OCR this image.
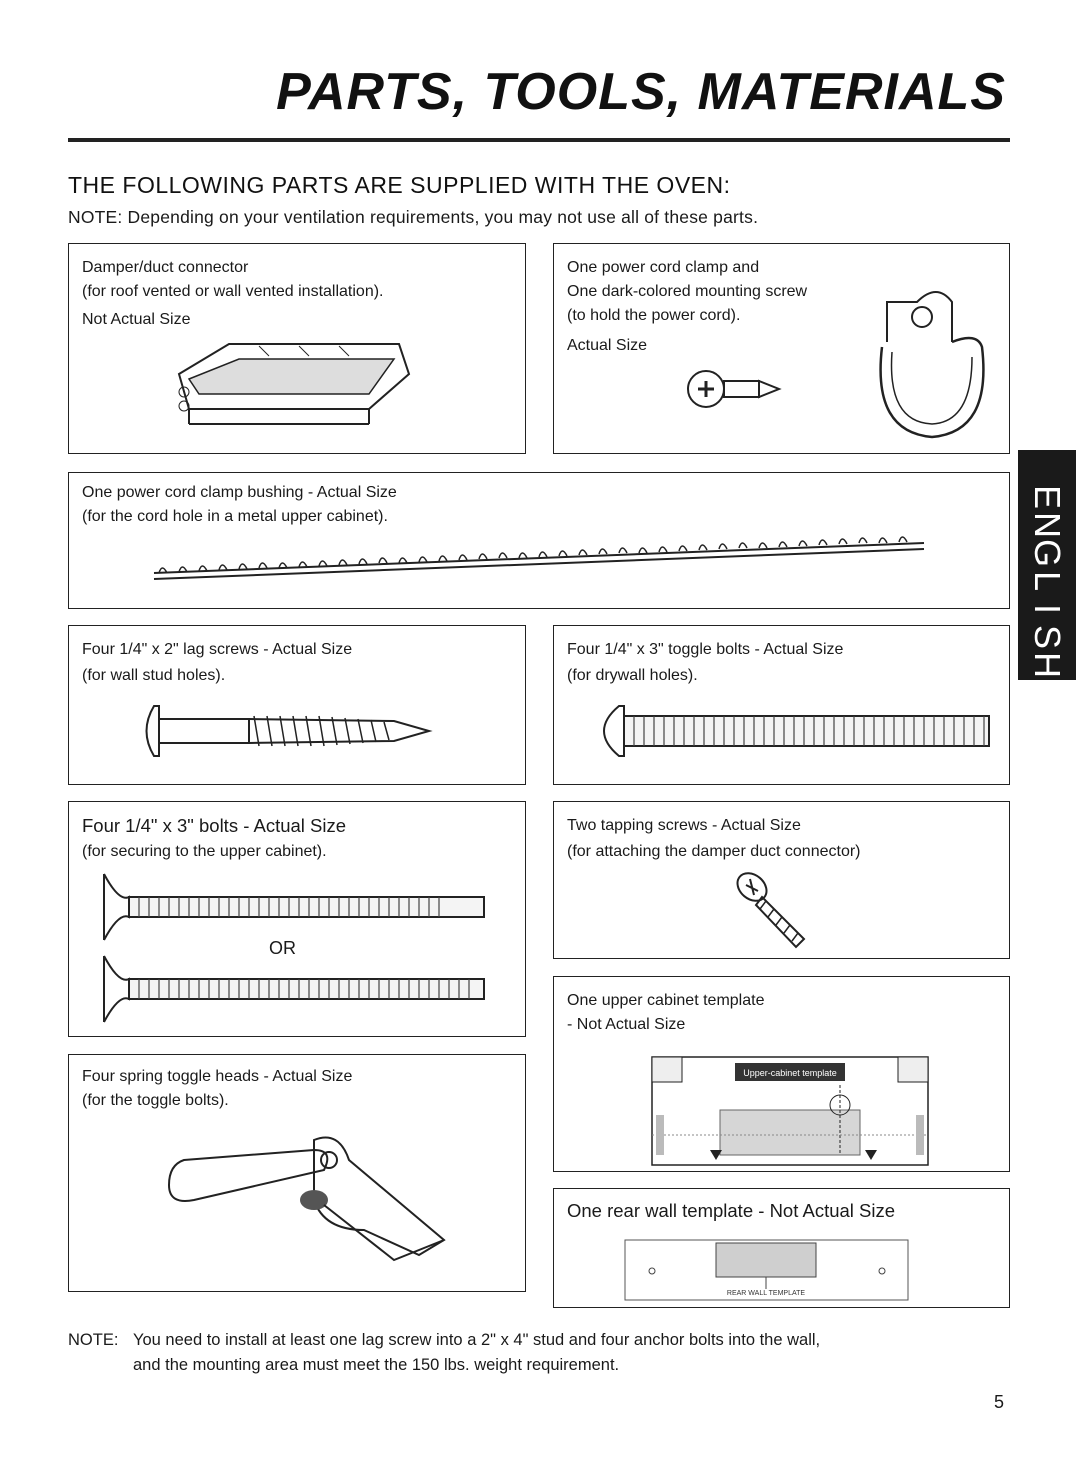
PARTS, TOOLS, MATERIALS
THE FOLLOWING PARTS ARE SUPPLIED WITH THE OVEN:
NOTE: Depending on your ventilation requirements, you may not use all of these parts.
Damper/duct connector
(for roof vented or wall vented installation).
Not Actual Size
One power cord clamp and
One dark-colored mounting screw
(to hold the power cord).
Actual Size
One power cord clamp bushing - Actual Size
(for the cord hole in a metal upper cabinet).
Four 1/4" x 2" lag screws - Actual Size
(for wall stud holes).
Four 1/4" x 3" toggle bolts - Actual Size
(for drywall holes).
Four 1/4" x 3" bolts - Actual Size
(for securing to the upper cabinet).
OR
Two tapping screws - Actual Size
(for attaching the damper duct connector)
One upper cabinet template
- Not Actual Size
Upper-cabinet template
Four spring toggle heads - Actual Size
(for the toggle bolts).
One rear wall template - Not Actual Size
REAR WALL TEMPLATE
E
N
G
L
I
S
H
NOTE: You need to install at least one lag screw into a 2" x 4" stud and four anchor bolts into the wall,
and the mounting area must meet the 150 lbs. weight requirement.
5
